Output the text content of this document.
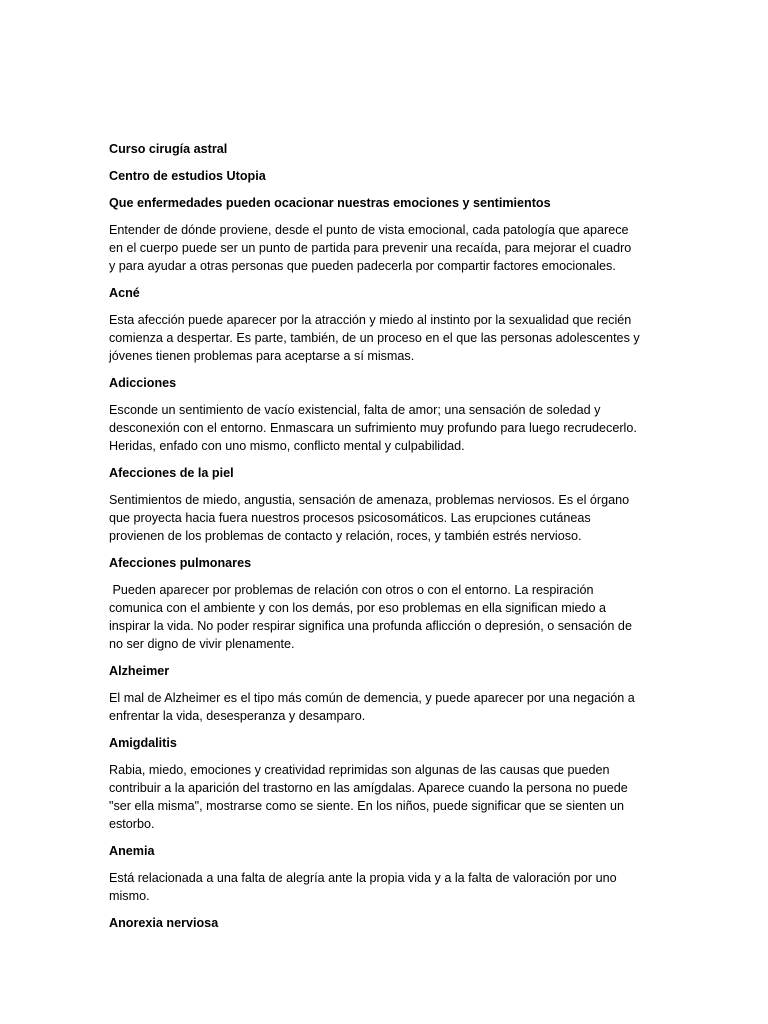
Curso cirugía astral
Centro de estudios Utopia
Que enfermedades pueden ocacionar nuestras emociones y sentimientos
Entender de dónde proviene, desde el punto de vista emocional, cada patología que aparece
en el cuerpo puede ser un punto de partida para prevenir una recaída, para mejorar el cuadro
y para ayudar a otras personas que pueden padecerla por compartir factores emocionales.
Acné
Esta afección puede aparecer por la atracción y miedo al instinto por la sexualidad que recién
comienza a despertar. Es parte, también, de un proceso en el que las personas adolescentes y
jóvenes tienen problemas para aceptarse a sí mismas.
Adicciones
Esconde un sentimiento de vacío existencial, falta de amor; una sensación de soledad y
desconexión con el entorno. Enmascara un sufrimiento muy profundo para luego recrudecerlo.
Heridas, enfado con uno mismo, conflicto mental y culpabilidad.
Afecciones de la piel
Sentimientos de miedo, angustia, sensación de amenaza, problemas nerviosos. Es el órgano
que proyecta hacia fuera nuestros procesos psicosomáticos. Las erupciones cutáneas
provienen de los problemas de contacto y relación, roces, y también estrés nervioso.
Afecciones pulmonares
Pueden aparecer por problemas de relación con otros o con el entorno. La respiración
comunica con el ambiente y con los demás, por eso problemas en ella significan miedo a
inspirar la vida. No poder respirar significa una profunda aflicción o depresión, o sensación de
no ser digno de vivir plenamente.
Alzheimer
El mal de Alzheimer es el tipo más común de demencia, y puede aparecer por una negación a
enfrentar la vida, desesperanza y desamparo.
Amigdalitis
Rabia, miedo, emociones y creatividad reprimidas son algunas de las causas que pueden
contribuir a la aparición del trastorno en las amígdalas. Aparece cuando la persona no puede
"ser ella misma", mostrarse como se siente. En los niños, puede significar que se sienten un
estorbo.
Anemia
Está relacionada a una falta de alegría ante la propia vida y a la falta de valoración por uno
mismo.
Anorexia nerviosa
